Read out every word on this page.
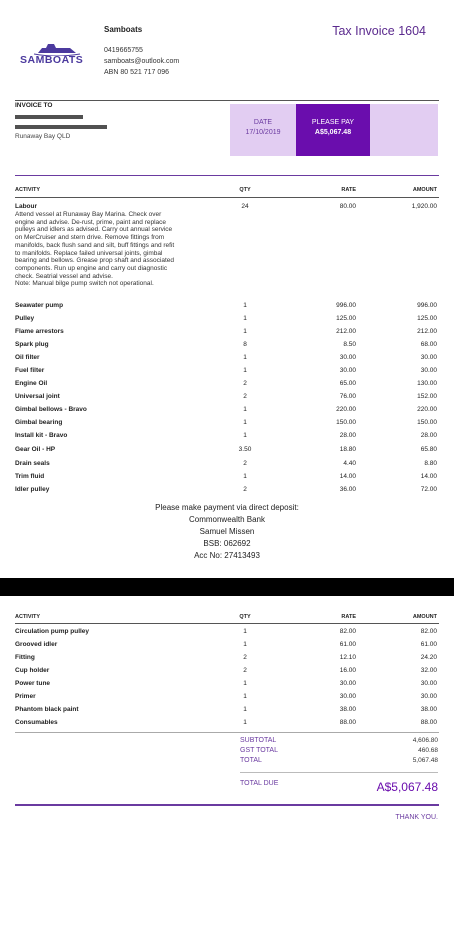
Samboats
0419665755
samboats@outlook.com
ABN 80 521 717 096
SAMBOATS
Tax Invoice 1604
INVOICE TO
Runaway Bay QLD
DATE
17/10/2019
PLEASE PAY
A$5,067.48
ACTIVITY	QTY	RATE	AMOUNT
Labour	24	80.00	1,920.00
Attend vessel at Runaway Bay Marina. Check over
engine and advise. De-rust, prime, paint and replace
pulleys and idlers as advised. Carry out annual service
on MerCruiser and stern drive. Remove fittings from
manifolds, back flush sand and silt, buff fittings and refit
to manifolds. Replace failed universal joints, gimbal
bearing and bellows. Grease prop shaft and associated
components. Run up engine and carry out diagnostic
check. Seatrial vessel and advise.
Note: Manual bilge pump switch not operational.
Seawater pump	1	996.00	996.00
Pulley	1	125.00	125.00
Flame arrestors	1	212.00	212.00
Spark plug	8	8.50	68.00
Oil filter	1	30.00	30.00
Fuel filter	1	30.00	30.00
Engine Oil	2	65.00	130.00
Universal joint	2	76.00	152.00
Gimbal bellows - Bravo	1	220.00	220.00
Gimbal bearing	1	150.00	150.00
Install kit - Bravo	1	28.00	28.00
Gear Oil - HP	3.50	18.80	65.80
Drain seals	2	4.40	8.80
Trim fluid	1	14.00	14.00
Idler pulley	2	36.00	72.00
Please make payment via direct deposit:
Commonwealth Bank
Samuel Missen
BSB: 062692
Acc No: 27413493
ACTIVITY	QTY	RATE	AMOUNT
Circulation pump pulley	1	82.00	82.00
Grooved idler	1	61.00	61.00
Fitting	2	12.10	24.20
Cup holder	2	16.00	32.00
Power tune	1	30.00	30.00
Primer	1	30.00	30.00
Phantom black paint	1	38.00	38.00
Consumables	1	88.00	88.00
SUBTOTAL	4,606.80
GST TOTAL	460.68
TOTAL	5,067.48
TOTAL DUE	A$5,067.48
THANK YOU.
